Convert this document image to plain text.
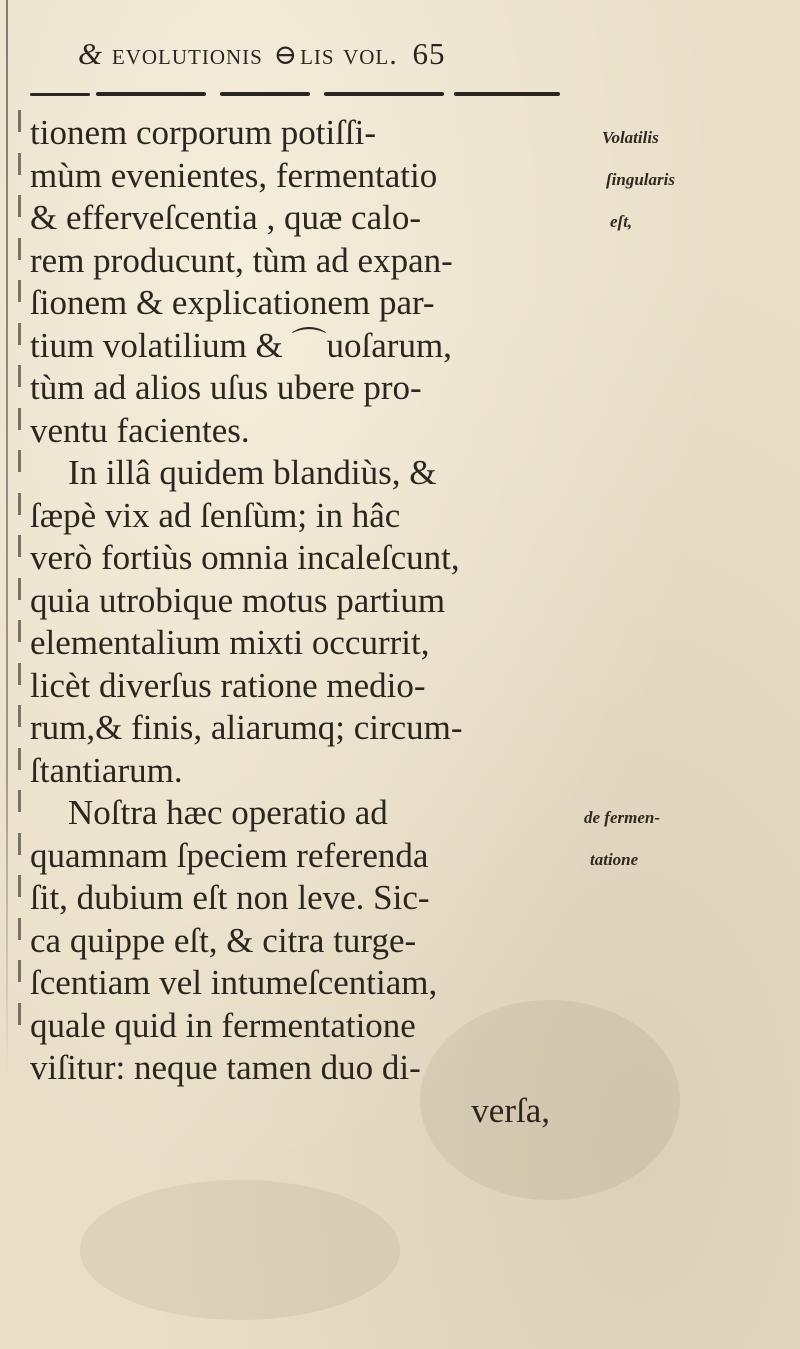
& evolutionis ⊖lis vol. 65
tionem corporum potiſſi-
mùm evenientes, fermentatio
& efferveſcentia , quæ calo-
rem producunt, tùm ad expan-
ſionem & explicationem par-
tium volatilium & ⌒uoſarum,
tùm ad alios uſus ubere pro-
ventu facientes.
In illâ quidem blandiùs, &
ſæpè vix ad ſenſùm; in hâc
verò fortiùs omnia incaleſcunt,
quia utrobique motus partium
elementalium mixti occurrit,
licèt diverſus ratione medio-
rum,& finis, aliarumq; circum-
ſtantiarum.
Noſtra hæc operatio ad
quamnam ſpeciem referenda
ſit, dubium eſt non leve. Sic-
ca quippe eſt, & citra turge-
ſcentiam vel intumeſcentiam,
quale quid in fermentatione
viſitur: neque tamen duo di-
verſa,
Volatilis
ſingularis
eſt,
de fermen-
tatione
